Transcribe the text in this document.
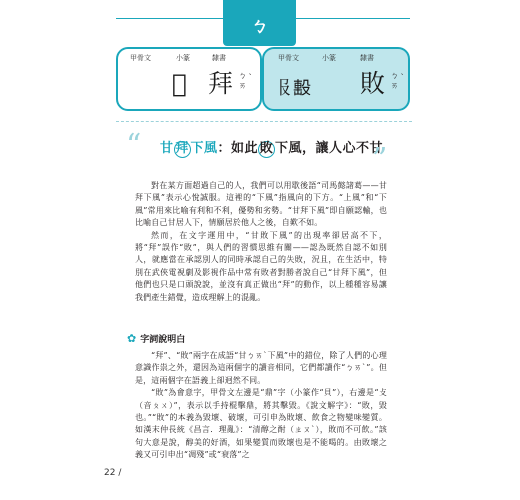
ㄅ
甲骨文	小篆	隸書
𢱭 拜 ㄅ
ㄞ
ˋ
甲骨文	小篆	隸書
𠬝𣪠 敗 ㄅ
ㄞ
ˋ
“ 甘 拜 下風：如此 敗 下風，讓人心不甘
”

對在某方面超過自己的人，我們可以用歇後語“司馬懿諸葛——甘拜下風”表示心悅誠服。這裡的“下風”指風向的下方。“上風”和“下風”常用來比喻有利和不利，優勢和劣勢。“甘拜下風”即自願認輸，也比喻自己甘居人下，情願居於他人之後，自歎不如。

然而，在文字運用中，“甘敗下風”的出現率卻居高不下，將“拜”誤作“敗”，與人們的習慣思維有關——認為既然自認不如別人，就應當在承認別人的同時承認自己的失敗，況且，在生活中，特別在武俠電視劇及影視作品中常有敗者對勝者說自己“甘拜下風”，但他們也只是口頭說說，並沒有真正做出“拜”的動作，以上種種容易讓我們產生錯覺，造成理解上的混亂。

✿ 字詞說明白

“拜”、“敗”兩字在成語“甘ㄅㄞˋ下風”中的錯位，除了人們的心理意識作祟之外，還因為這兩個字的讀音相同，它們都讀作“ㄅㄞˋ”。但是，這兩個字在語義上卻迥然不同。

“敗”為會意字，甲骨文左邊是“鼎”字（小篆作“貝”），右邊是“攴（音ㄆㄨ）”，表示以手持棍擊鼎，將其擊毀。《說文解字》：“敗，毀也。”“敗”的本義為毀壞、破壞，可引申為敗壞、飲食之物變味變質。如漢末仲長統《昌言．理亂》：“清醇之酎（ㄓㄡˋ），敗而不可飲。”該句大意是說，醇美的好酒，如果變質而敗壞也是不能喝的。由敗壞之義又可引申出“凋殘”或“衰落”之

22 /
